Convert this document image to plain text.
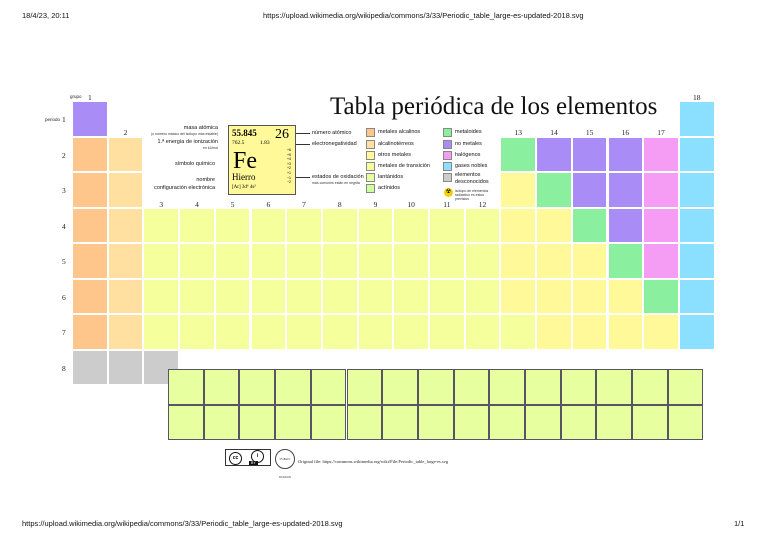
18/4/23, 20:11	https://upload.wikimedia.org/wikipedia/commons/3/33/Periodic_table_large-es-updated-2018.svg
1
2
3	4	5	6	7	8	9	10	11	12
13	14	15	16	17
18
1
2
3
4
5
6
7
8
Tabla periódica de los elementos
grupo
periodo
masa atómica
(o número másico del isótopo más estable)
1.ª energía de ionización
en kJ/mol
símbolo químico
nombre
configuración electrónica
55.845 26
762.5	1.83
Fe	+6
+5
+4
+3
+2
+1
−1
−2
Hierro
[Ar] 3d⁶ 4s²
número atómico
electronegatividad
estados de oxidación
más comunes están en negrita
metales alcalinos
alcalinotérreos
otros metales
metales de transición
lantánidos
actínidos
metaloides
no metales
halógenos
gases nobles
elementos desconocidos
☢	isótopo de elementos radiactivo es estos previstos
cc	i
BY
PUBLIC DOMAIN
Original file: https://commons.wikimedia.org/wiki/File:Periodic_table_large-es.svg
https://upload.wikimedia.org/wikipedia/commons/3/33/Periodic_table_large-es-updated-2018.svg	1/1
